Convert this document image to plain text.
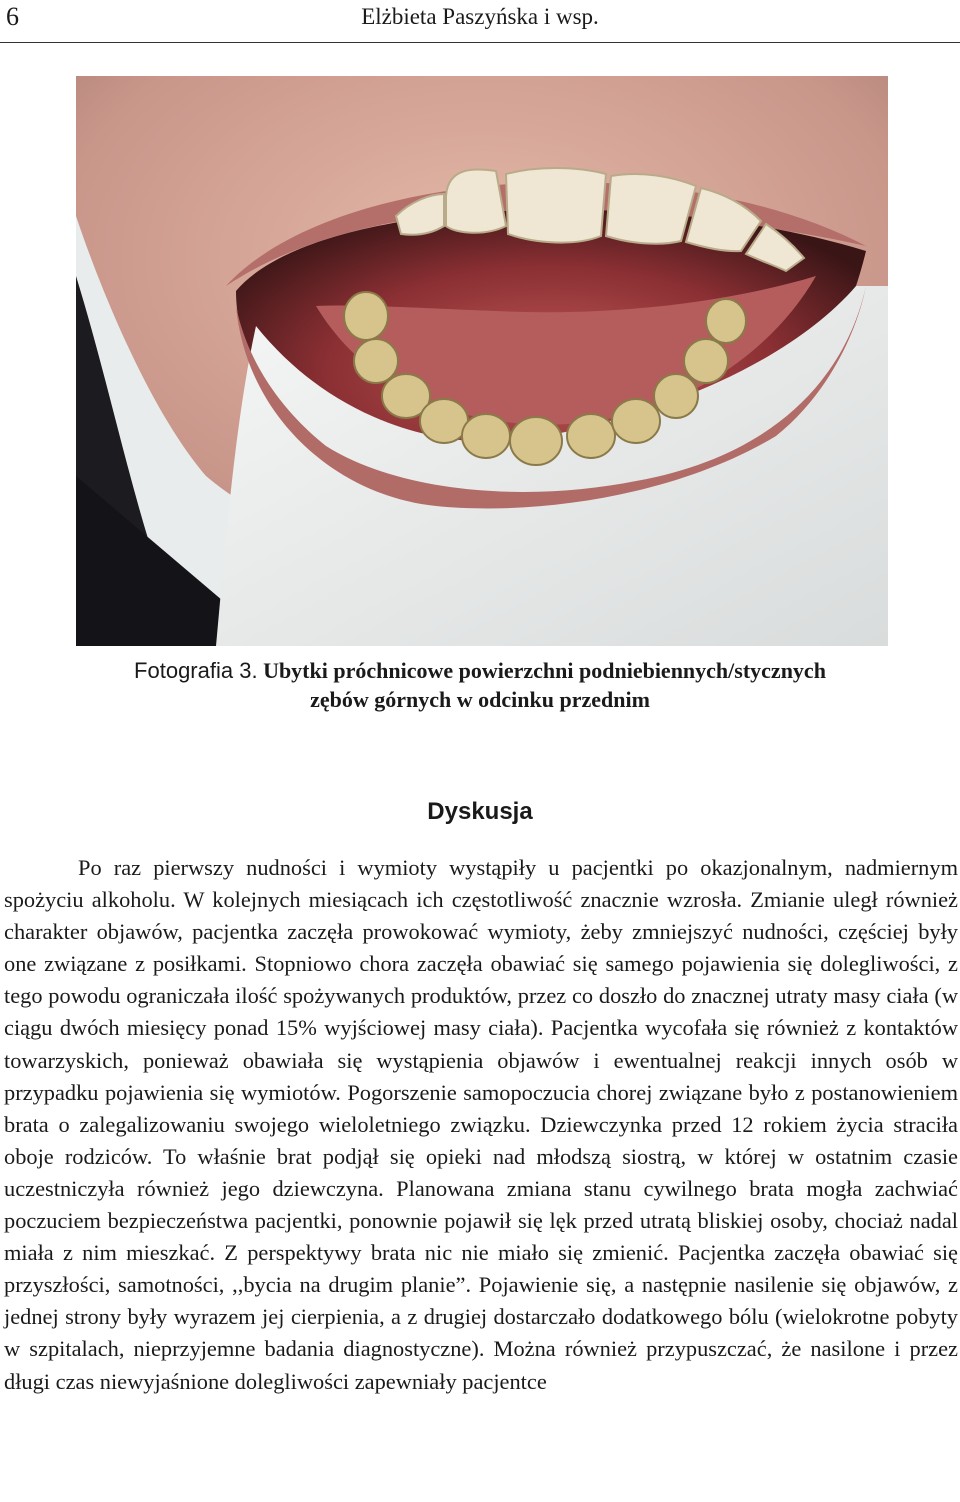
6	Elżbieta Paszyńska i wsp.
Fotografia 3. Ubytki próchnicowe powierzchni podniebiennych/stycznych
zębów górnych w odcinku przednim
Dyskusja

Po raz pierwszy nudności i wymioty wystąpiły u pacjentki po okazjonalnym, nadmiernym spożyciu alkoholu. W kolejnych miesiącach ich częstotliwość znacznie wzrosła. Zmianie uległ również charakter objawów, pacjentka zaczęła prowokować wymioty, żeby zmniejszyć nudności, częściej były one związane z posiłkami. Stopniowo chora zaczęła obawiać się samego pojawienia się dolegliwości, z tego powodu ograniczała ilość spożywanych produktów, przez co doszło do znacznej utraty masy ciała (w ciągu dwóch miesięcy ponad 15% wyjściowej masy ciała). Pacjentka wycofała się również z kontaktów towarzyskich, ponieważ obawiała się wystąpienia objawów i ewentualnej reakcji innych osób w przypadku pojawienia się wymiotów. Pogorszenie samopoczucia chorej związane było z postanowieniem brata o zalegalizowaniu swojego wieloletniego związku. Dziewczynka przed 12 rokiem życia straciła oboje rodziców. To właśnie brat podjął się opieki nad młodszą siostrą, w której w ostatnim czasie uczestniczyła również jego dziewczyna. Planowana zmiana stanu cywilnego brata mogła zachwiać poczuciem bezpieczeństwa pacjentki, ponownie pojawił się lęk przed utratą bliskiej osoby, chociaż nadal miała z nim mieszkać. Z perspektywy brata nic nie miało się zmienić. Pacjentka zaczęła obawiać się przyszłości, samotności, ,,bycia na drugim planie”. Pojawienie się, a następnie nasilenie się objawów, z jednej strony były wyrazem jej cierpienia, a z drugiej dostarczało dodatkowego bólu (wielokrotne pobyty w szpitalach, nieprzyjemne badania diagnostyczne). Można również przypuszczać, że nasilone i przez długi czas niewyjaśnione dolegliwości zapewniały pacjentce
